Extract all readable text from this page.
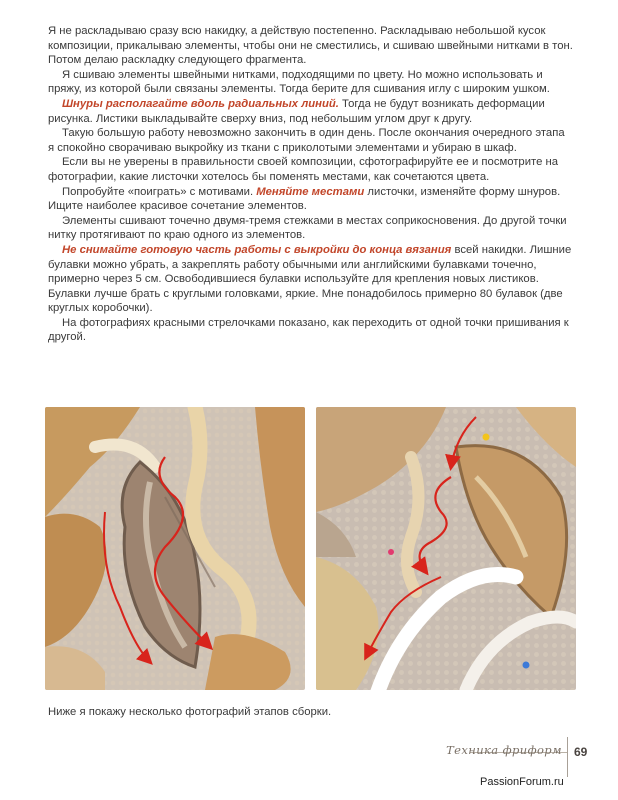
Я не раскладываю сразу всю накидку, а действую постепенно. Раскладываю небольшой кусок композиции, прикалываю элементы, чтобы они не сместились, и сшиваю швейными нитками в тон. Потом делаю раскладку следующего фрагмента.

Я сшиваю элементы швейными нитками, подходящими по цвету. Но можно использовать и пряжу, из которой были связаны элементы. Тогда берите для сшивания иглу с широким ушком.

Шнуры располагайте вдоль радиальных линий. Тогда не будут возникать деформации рисунка. Листики выкладывайте сверху вниз, под небольшим углом друг к другу.

Такую большую работу невозможно закончить в один день. После окончания очередного этапа я спокойно сворачиваю выкройку из ткани с приколотыми элементами и убираю в шкаф.

Если вы не уверены в правильности своей композиции, сфотографируйте ее и посмотрите на фотографии, какие листочки хотелось бы поменять местами, как сочетаются цвета.

Попробуйте «поиграть» с мотивами. Меняйте местами листочки, изменяйте форму шнуров. Ищите наиболее красивое сочетание элементов.

Элементы сшивают точечно двумя-тремя стежками в местах соприкосновения. До другой точки нитку протягивают по краю одного из элементов.

Не снимайте готовую часть работы с выкройки до конца вязания всей накидки. Лишние булавки можно убрать, а закреплять работу обычными или английскими булавками точечно, примерно через 5 см. Освободившиеся булавки используйте для крепления новых листиков. Булавки лучше брать с круглыми головками, яркие. Мне понадобилось примерно 80 булавок (две круглых коробочки).

На фотографиях красными стрелочками показано, как переходить от одной точки пришивания к другой.

Ниже я покажу несколько фотографий этапов сборки.
Техника фриформ 69
PassionForum.ru
